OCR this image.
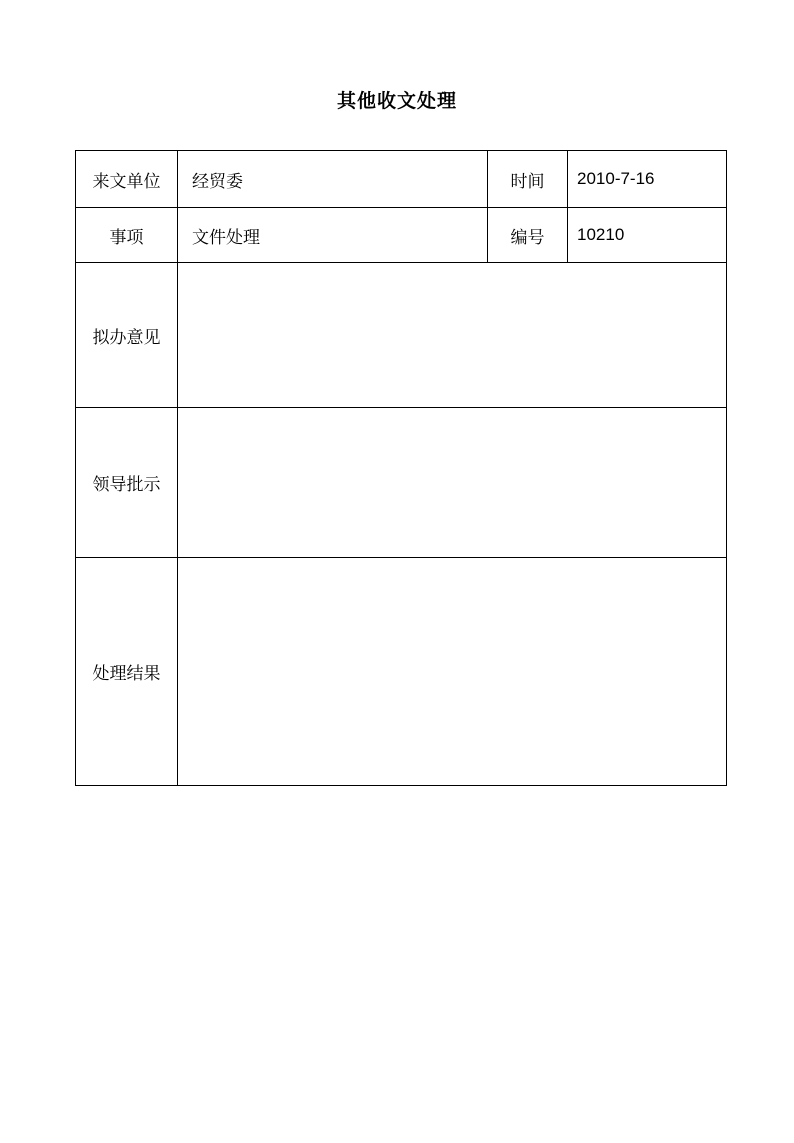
其他收文处理
来文单位	经贸委	时间	2010-7-16
事项	文件处理	编号	10210
拟办意见			
领导批示			
处理结果			
